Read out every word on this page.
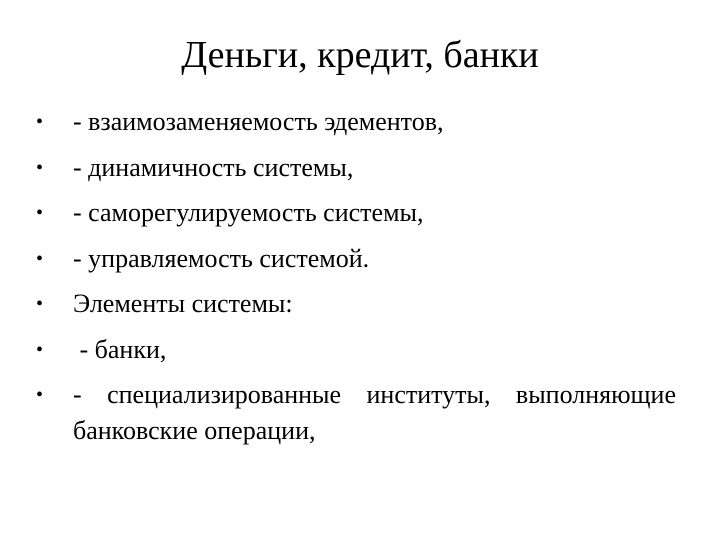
Деньги, кредит, банки
•	- взаимозаменяемость эдементов,
•	- динамичность системы,
•	- саморегулируемость системы,
•	- управляемость системой.
•	Элементы системы:
•	- банки,
•	- специализированные институты, выполняющие банковские операции,
